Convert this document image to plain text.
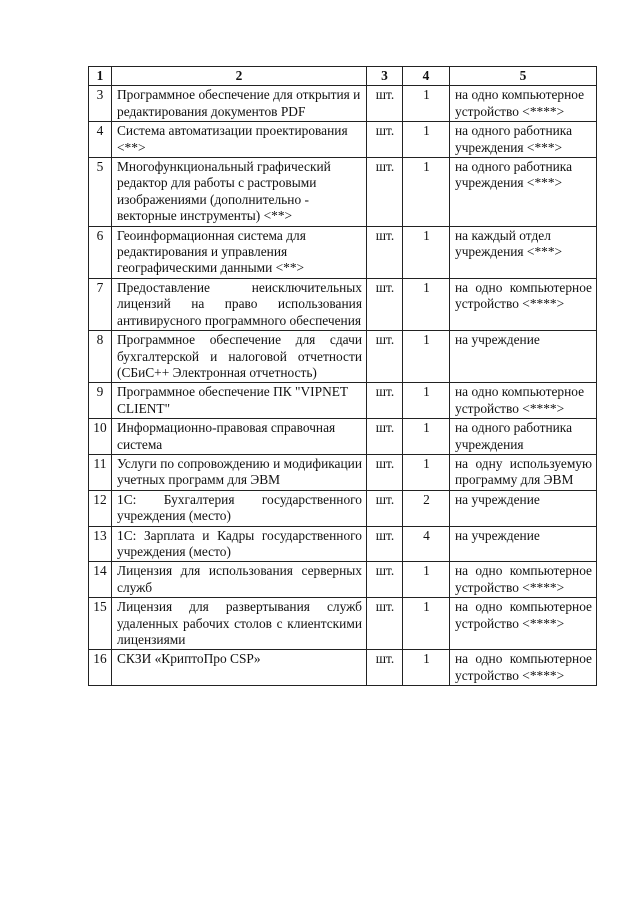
1	2	3	4	5
3	Программное обеспечение для открытия и редактирования документов PDF	шт.	1	на одно компьютерное устройство <****>
4	Система автоматизации проектирования <**>	шт.	1	на одного работника учреждения <***>
5	Многофункциональный графический редактор для работы с растровыми изображениями (дополнительно - векторные инструменты) <**>	шт.	1	на одного работника учреждения <***>
6	Геоинформационная система для редактирования и управления географическими данными <**>	шт.	1	на каждый отдел учреждения <***>
7	Предоставление неисключительных лицензий на право использования антивирусного программного обеспечения	шт.	1	на одно компьютерное устройство <****>
8	Программное обеспечение для сдачи бухгалтерской и налоговой отчетности (СБиС++ Электронная отчетность)	шт.	1	на учреждение
9	Программное обеспечение ПК "VIPNET CLIENT"	шт.	1	на одно компьютерное устройство <****>
10	Информационно-правовая справочная система	шт.	1	на одного работника учреждения
11	Услуги по сопровождению и модификации учетных программ для ЭВМ	шт.	1	на одну используемую программу для ЭВМ
12	1С: Бухгалтерия государственного учреждения (место)	шт.	2	на учреждение
13	1С: Зарплата и Кадры государственного учреждения (место)	шт.	4	на учреждение
14	Лицензия для использования серверных служб	шт.	1	на одно компьютерное устройство <****>
15	Лицензия для развертывания служб удаленных рабочих столов с клиентскими лицензиями	шт.	1	на одно компьютерное устройство <****>
16	СКЗИ «КриптоПро CSP»	шт.	1	на одно компьютерное устройство <****>
